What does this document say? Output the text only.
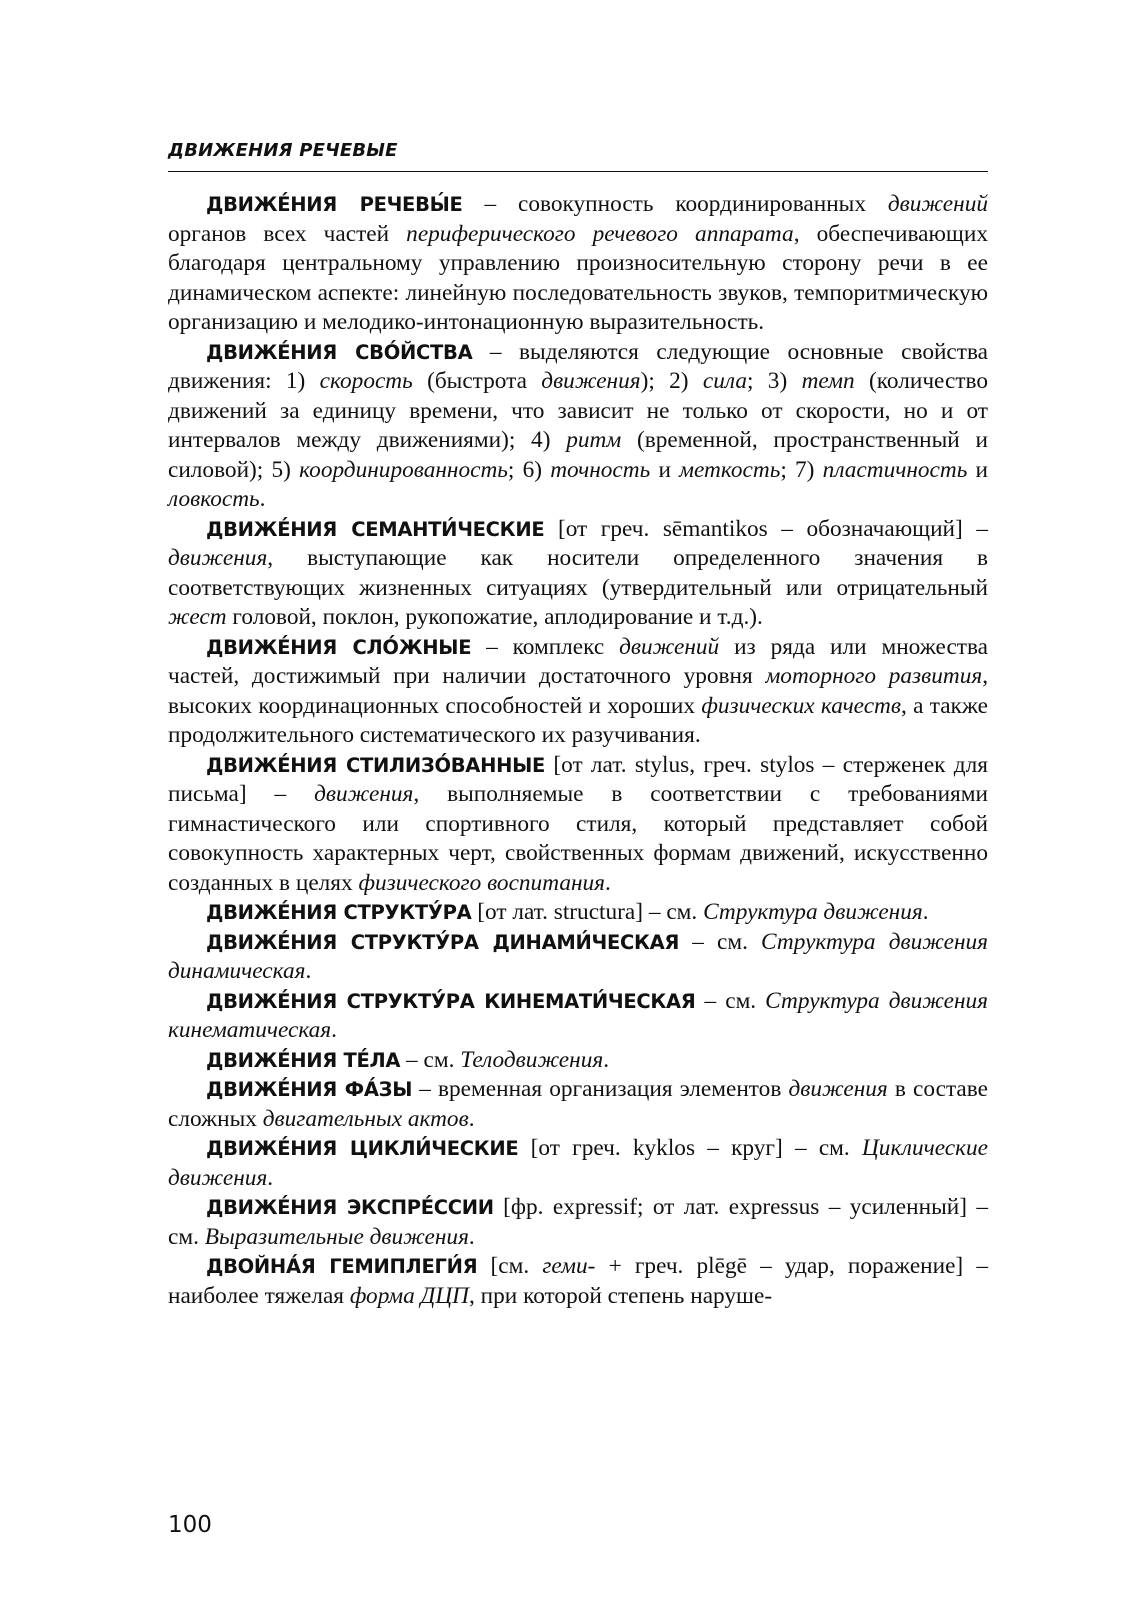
ДВИЖЕНИЯ РЕЧЕВЫЕ

ДВИЖЕ́НИЯ РЕЧЕВЫ́Е – совокупность координированных движений органов всех частей периферического речевого аппарата, обеспечивающих благодаря центральному управлению произносительную сторону речи в ее динамическом аспекте: линейную последовательность звуков, темпоритмическую организацию и мелодико-интонационную выразительность.

ДВИЖЕ́НИЯ СВО́ЙСТВА – выделяются следующие основные свойства движения: 1) скорость (быстрота движения); 2) сила; 3) темп (количество движений за единицу времени, что зависит не только от скорости, но и от интервалов между движениями); 4) ритм (временной, пространственный и силовой); 5) координированность; 6) точность и меткость; 7) пластичность и ловкость.

ДВИЖЕ́НИЯ СЕМАНТИ́ЧЕСКИЕ [от греч. sēmantikos – обозначающий] – движения, выступающие как носители определенного значения в соответствующих жизненных ситуациях (утвердительный или отрицательный жест головой, поклон, рукопожатие, аплодирование и т.д.).

ДВИЖЕ́НИЯ СЛО́ЖНЫЕ – комплекс движений из ряда или множества частей, достижимый при наличии достаточного уровня моторного развития, высоких координационных способностей и хороших физических качеств, а также продолжительного систематического их разучивания.

ДВИЖЕ́НИЯ СТИЛИЗО́ВАННЫЕ [от лат. stylus, греч. stylos – стерженек для письма] – движения, выполняемые в соответствии с требованиями гимнастического или спортивного стиля, который представляет собой совокупность характерных черт, свойственных формам движений, искусственно созданных в целях физического воспитания.

ДВИЖЕ́НИЯ СТРУКТУ́РА [от лат. structura] – см. Структура движения.

ДВИЖЕ́НИЯ СТРУКТУ́РА ДИНАМИ́ЧЕСКАЯ – см. Структура движения динамическая.

ДВИЖЕ́НИЯ СТРУКТУ́РА КИНЕМАТИ́ЧЕСКАЯ – см. Структура движения кинематическая.

ДВИЖЕ́НИЯ ТЕ́ЛА – см. Телодвижения.

ДВИЖЕ́НИЯ ФА́ЗЫ – временная организация элементов движения в составе сложных двигательных актов.

ДВИЖЕ́НИЯ ЦИКЛИ́ЧЕСКИЕ [от греч. kyklos – круг] – см. Циклические движения.

ДВИЖЕ́НИЯ ЭКСПРЕ́ССИИ [фр. expressif; от лат. expressus – усиленный] – см. Выразительные движения.

ДВОЙНА́Я ГЕМИПЛЕГИ́Я [см. геми- + греч. plēgē – удар, поражение] – наиболее тяжелая форма ДЦП, при которой степень наруше-

100
